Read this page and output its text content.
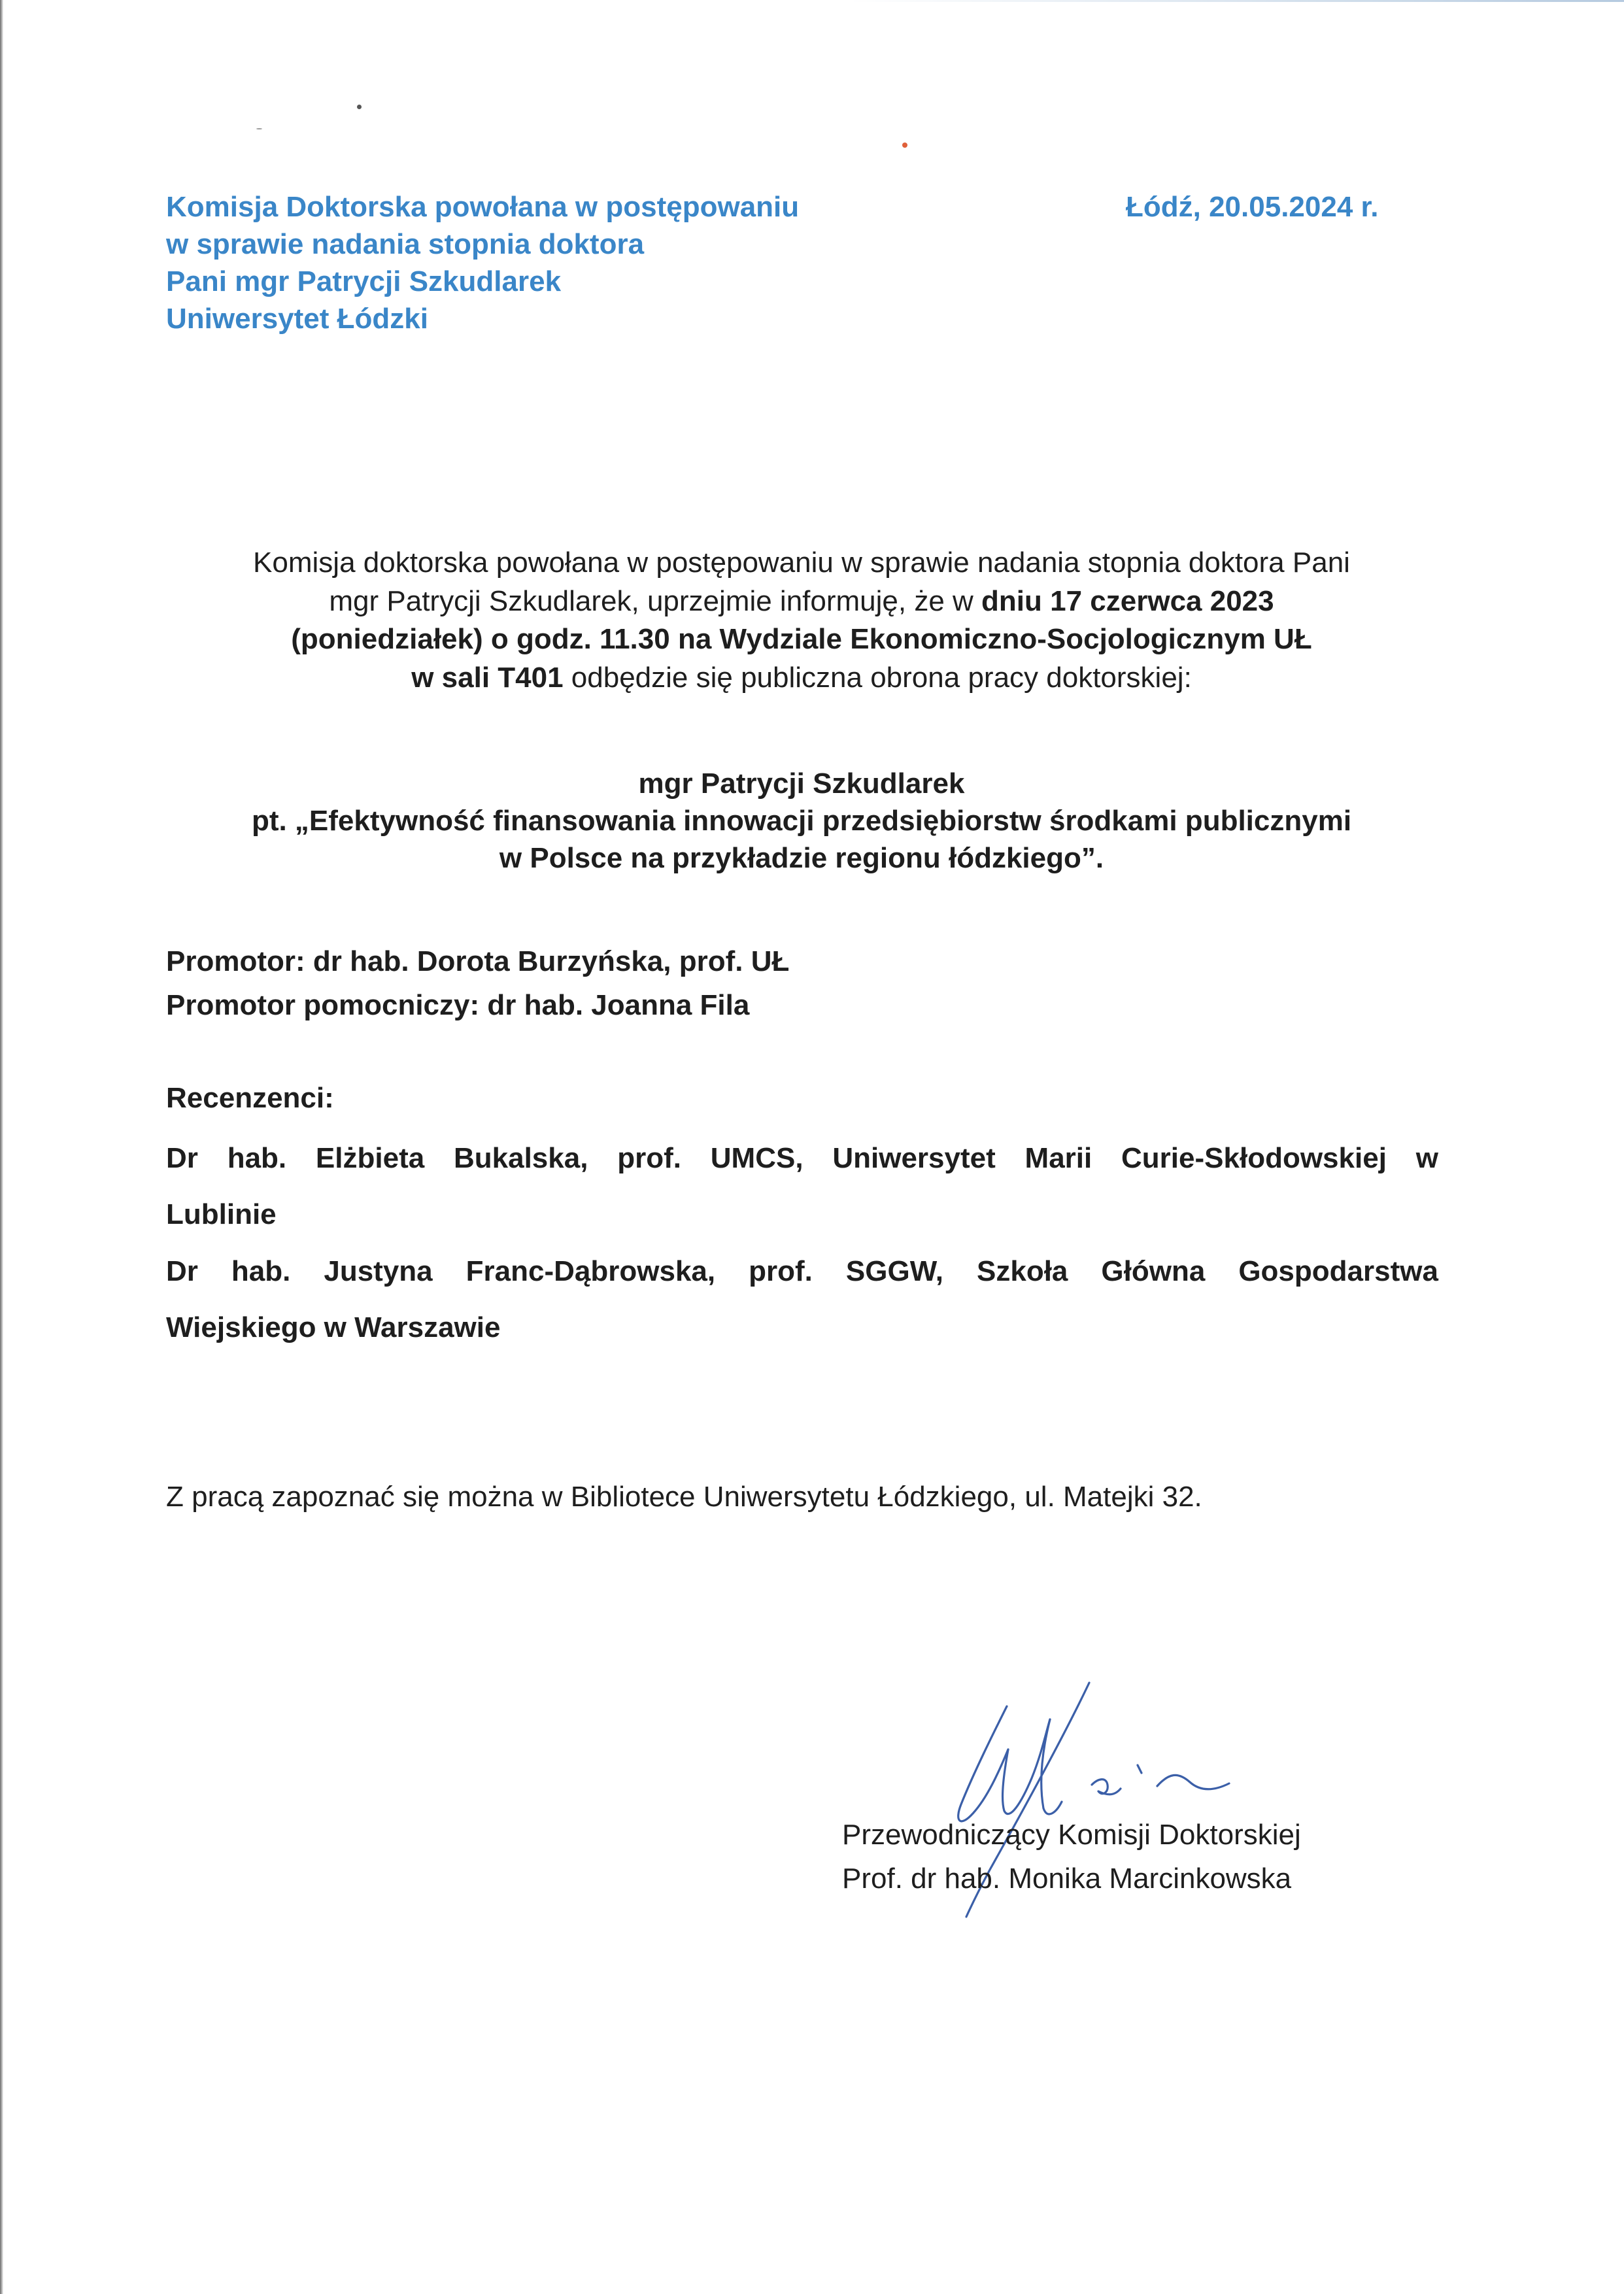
Komisja Doktorska powołana w postępowaniu
w sprawie nadania stopnia doktora
Pani mgr Patrycji Szkudlarek
Uniwersytet Łódzki
Łódź, 20.05.2024 r.
Komisja doktorska powołana w postępowaniu w sprawie nadania stopnia doktora Pani
mgr Patrycji Szkudlarek, uprzejmie informuję, że w dniu 17 czerwca 2023
(poniedziałek) o godz. 11.30 na Wydziale Ekonomiczno-Socjologicznym UŁ
w sali T401 odbędzie się publiczna obrona pracy doktorskiej:
mgr Patrycji Szkudlarek
pt. „Efektywność finansowania innowacji przedsiębiorstw środkami publicznymi
w Polsce na przykładzie regionu łódzkiego”.
Promotor: dr hab. Dorota Burzyńska, prof. UŁ
Promotor pomocniczy: dr hab. Joanna Fila
Recenzenci:
Dr hab. Elżbieta Bukalska, prof. UMCS, Uniwersytet Marii Curie-Skłodowskiej w
Lublinie
Dr hab. Justyna Franc-Dąbrowska, prof. SGGW, Szkoła Główna Gospodarstwa
Wiejskiego w Warszawie
Z pracą zapoznać się można w Bibliotece Uniwersytetu Łódzkiego, ul. Matejki 32.
Przewodniczący Komisji Doktorskiej
Prof. dr hab. Monika Marcinkowska
